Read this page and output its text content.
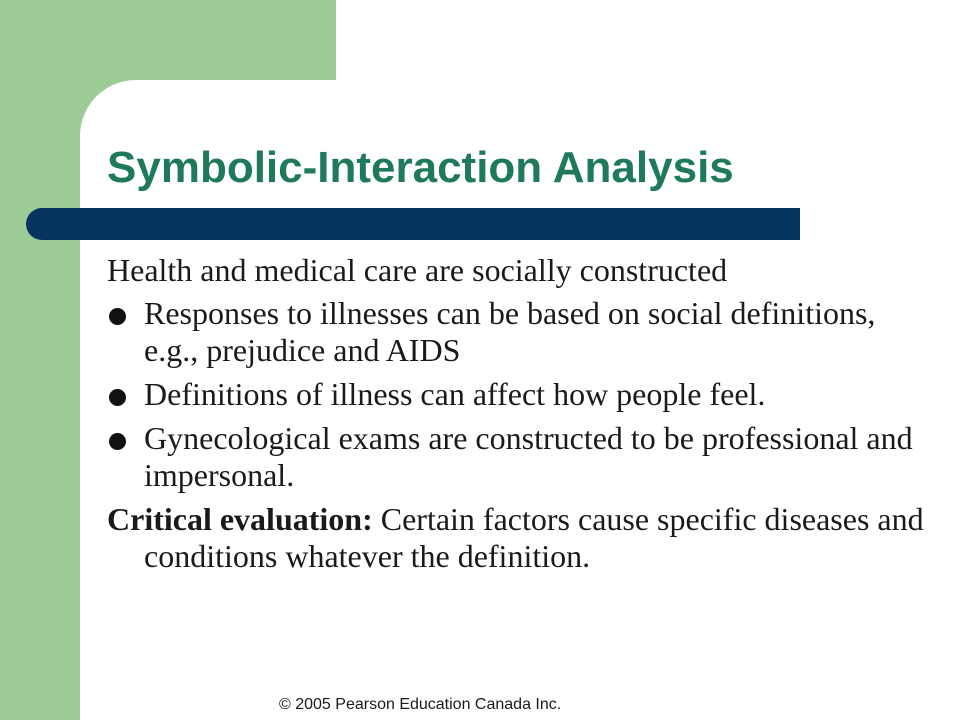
Symbolic-Interaction Analysis

Health and medical care are socially constructed

Responses to illnesses can be based on social definitions, e.g., prejudice and AIDS
Definitions of illness can affect how people feel.
Gynecological exams are constructed to be professional and impersonal.

Critical evaluation: Certain factors cause specific diseases and conditions whatever the definition.

© 2005 Pearson Education Canada Inc.
